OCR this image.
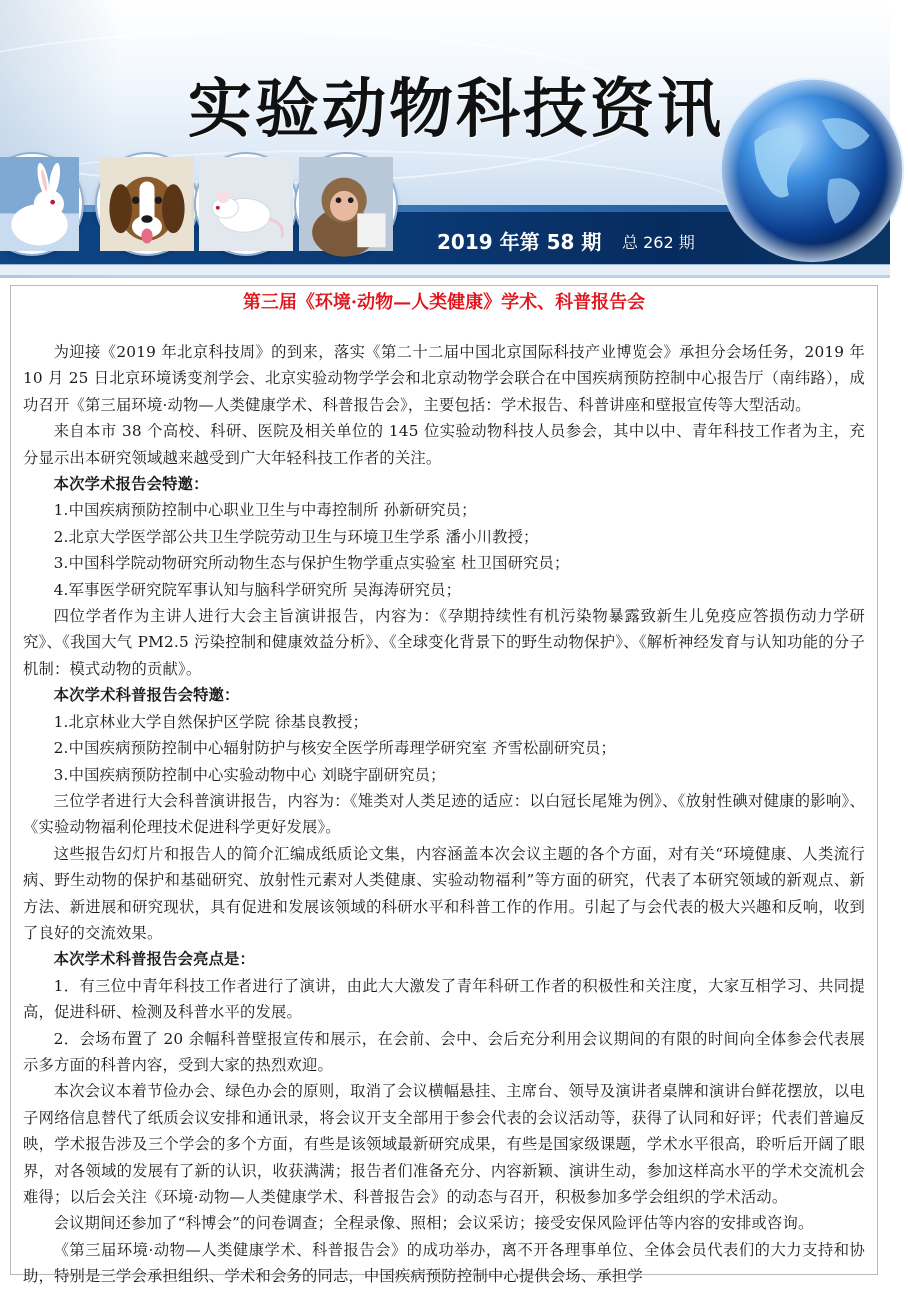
实验动物科技资讯
2019 年第 58 期 总 262 期
第三届《环境·动物—人类健康》学术、科普报告会

为迎接《2019 年北京科技周》的到来，落实《第二十二届中国北京国际科技产业博览会》承担分会场任务，2019 年 10 月 25 日北京环境诱变剂学会、北京实验动物学学会和北京动物学会联合在中国疾病预防控制中心报告厅（南纬路），成功召开《第三届环境·动物—人类健康学术、科普报告会》，主要包括：学术报告、科普讲座和壁报宣传等大型活动。

来自本市 38 个高校、科研、医院及相关单位的 145 位实验动物科技人员参会，其中以中、青年科技工作者为主，充分显示出本研究领域越来越受到广大年轻科技工作者的关注。

本次学术报告会特邀：

1.中国疾病预防控制中心职业卫生与中毒控制所 孙新研究员；

2.北京大学医学部公共卫生学院劳动卫生与环境卫生学系 潘小川教授；

3.中国科学院动物研究所动物生态与保护生物学重点实验室 杜卫国研究员；

4.军事医学研究院军事认知与脑科学研究所 吴海涛研究员；

四位学者作为主讲人进行大会主旨演讲报告，内容为：《孕期持续性有机污染物暴露致新生儿免疫应答损伤动力学研究》、《我国大气 PM2.5 污染控制和健康效益分析》、《全球变化背景下的野生动物保护》、《解析神经发育与认知功能的分子机制：模式动物的贡献》。

本次学术科普报告会特邀：

1.北京林业大学自然保护区学院 徐基良教授；

2.中国疾病预防控制中心辐射防护与核安全医学所毒理学研究室 齐雪松副研究员；

3.中国疾病预防控制中心实验动物中心 刘晓宇副研究员；

三位学者进行大会科普演讲报告，内容为：《雉类对人类足迹的适应：以白冠长尾雉为例》、《放射性碘对健康的影响》、《实验动物福利伦理技术促进科学更好发展》。

这些报告幻灯片和报告人的简介汇编成纸质论文集，内容涵盖本次会议主题的各个方面，对有关“环境健康、人类流行病、野生动物的保护和基础研究、放射性元素对人类健康、实验动物福利”等方面的研究，代表了本研究领域的新观点、新方法、新进展和研究现状，具有促进和发展该领域的科研水平和科普工作的作用。引起了与会代表的极大兴趣和反响，收到了良好的交流效果。

本次学术科普报告会亮点是：

1．有三位中青年科技工作者进行了演讲，由此大大激发了青年科研工作者的积极性和关注度，大家互相学习、共同提高，促进科研、检测及科普水平的发展。

2．会场布置了 20 余幅科普壁报宣传和展示，在会前、会中、会后充分利用会议期间的有限的时间向全体参会代表展示多方面的科普内容，受到大家的热烈欢迎。

本次会议本着节俭办会、绿色办会的原则，取消了会议横幅悬挂、主席台、领导及演讲者桌牌和演讲台鲜花摆放，以电子网络信息替代了纸质会议安排和通讯录，将会议开支全部用于参会代表的会议活动等，获得了认同和好评；代表们普遍反映，学术报告涉及三个学会的多个方面，有些是该领域最新研究成果，有些是国家级课题，学术水平很高，聆听后开阔了眼界，对各领域的发展有了新的认识，收获满满；报告者们准备充分、内容新颖、演讲生动，参加这样高水平的学术交流机会难得；以后会关注《环境·动物—人类健康学术、科普报告会》的动态与召开，积极参加多学会组织的学术活动。

会议期间还参加了“科博会”的问卷调查；全程录像、照相；会议采访；接受安保风险评估等内容的安排或咨询。

《第三届环境·动物—人类健康学术、科普报告会》的成功举办，离不开各理事单位、全体会员代表们的大力支持和协助，特别是三学会承担组织、学术和会务的同志，中国疾病预防控制中心提供会场、承担学
